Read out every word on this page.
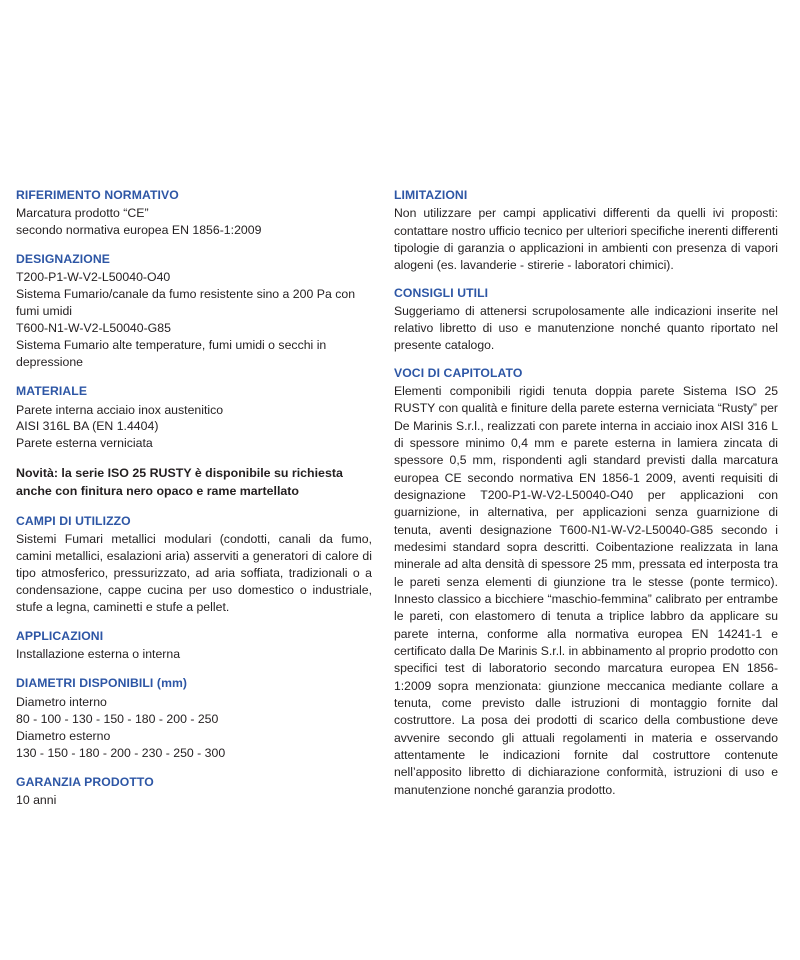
RIFERIMENTO NORMATIVO
Marcatura prodotto “CE”
secondo normativa europea EN 1856-1:2009
DESIGNAZIONE
T200-P1-W-V2-L50040-O40
Sistema Fumario/canale da fumo resistente sino a 200 Pa con fumi umidi
T600-N1-W-V2-L50040-G85
Sistema Fumario alte temperature, fumi umidi o secchi in depressione
MATERIALE
Parete interna acciaio inox austenitico
AISI 316L BA (EN 1.4404)
Parete esterna verniciata
Novità: la serie ISO 25 RUSTY è disponibile su richiesta anche con finitura nero opaco e rame martellato
CAMPI DI UTILIZZO

Sistemi Fumari metallici modulari (condotti, canali da fumo, camini metallici, esalazioni aria) asserviti a generatori di calore di tipo atmosferico, pressurizzato, ad aria soffiata, tradizionali o a condensazione, cappe cucina per uso domestico o industriale, stufe a legna, caminetti e stufe a pellet.

APPLICAZIONI

Installazione esterna o interna

DIAMETRI DISPONIBILI (mm)
Diametro interno
80 - 100 - 130 - 150 - 180 - 200 - 250
Diametro esterno
130 - 150 - 180 - 200 - 230 - 250 - 300
GARANZIA PRODOTTO
10 anni
LIMITAZIONI

Non utilizzare per campi applicativi differenti da quelli ivi proposti: contattare nostro ufficio tecnico per ulteriori specifiche inerenti differenti tipologie di garanzia o applicazioni in ambienti con presenza di vapori alogeni (es. lavanderie - stirerie - laboratori chimici).

CONSIGLI UTILI

Suggeriamo di attenersi scrupolosamente alle indicazioni inserite nel relativo libretto di uso e manutenzione nonché quanto riportato nel presente catalogo.

VOCI DI CAPITOLATO

Elementi componibili rigidi tenuta doppia parete Sistema ISO 25 RUSTY con qualità e finiture della parete esterna verniciata “Rusty” per De Marinis S.r.l., realizzati con parete interna in acciaio inox AISI 316 L di spessore minimo 0,4 mm e parete esterna in lamiera zincata di spessore 0,5 mm, rispondenti agli standard previsti dalla marcatura europea CE secondo normativa EN 1856-1 2009, aventi requisiti di designazione T200-P1-W-V2-L50040-O40 per applicazioni con guarnizione, in alternativa, per applicazioni senza guarnizione di tenuta, aventi designazione T600-N1-W-V2-L50040-G85 secondo i medesimi standard sopra descritti. Coibentazione realizzata in lana minerale ad alta densità di spessore 25 mm, pressata ed interposta tra le pareti senza elementi di giunzione tra le stesse (ponte termico). Innesto classico a bicchiere “maschio-femmina” calibrato per entrambe le pareti, con elastomero di tenuta a triplice labbro da applicare su parete interna, conforme alla normativa europea EN 14241-1 e certificato dalla De Marinis S.r.l. in abbinamento al proprio prodotto con specifici test di laboratorio secondo marcatura europea EN 1856-1:2009 sopra menzionata: giunzione meccanica mediante collare a tenuta, come previsto dalle istruzioni di montaggio fornite dal costruttore. La posa dei prodotti di scarico della combustione deve avvenire secondo gli attuali regolamenti in materia e osservando attentamente le indicazioni fornite dal costruttore contenute nell’apposito libretto di dichiarazione conformità, istruzioni di uso e manutenzione nonché garanzia prodotto.
